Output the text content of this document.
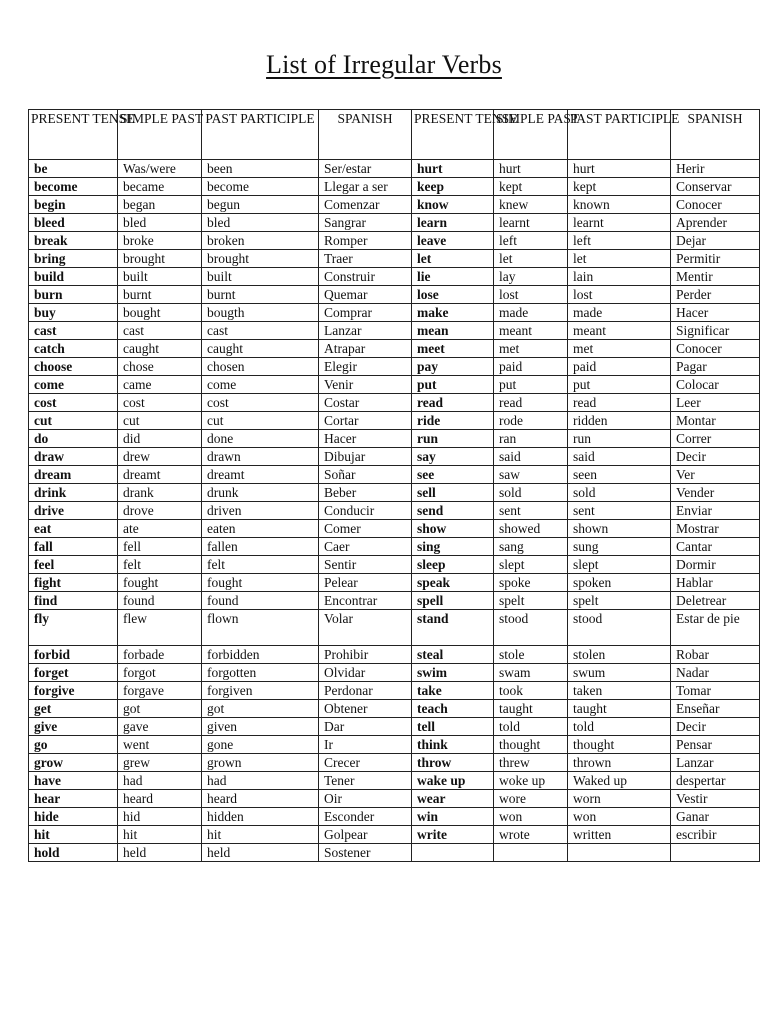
List of Irregular Verbs
PRESENT TENSE	SIMPLE PAST	PAST PARTICIPLE	SPANISH	PRESENT TENSE	SIMPLE PAST	PAST PARTICIPLE	SPANISH
be	Was/were	been	Ser/estar	hurt	hurt	hurt	Herir
become	became	become	Llegar a ser	keep	kept	kept	Conservar
begin	began	begun	Comenzar	know	knew	known	Conocer
bleed	bled	bled	Sangrar	learn	learnt	learnt	Aprender
break	broke	broken	Romper	leave	left	left	Dejar
bring	brought	brought	Traer	let	let	let	Permitir
build	built	built	Construir	lie	lay	lain	Mentir
burn	burnt	burnt	Quemar	lose	lost	lost	Perder
buy	bought	bougth	Comprar	make	made	made	Hacer
cast	cast	cast	Lanzar	mean	meant	meant	Significar
catch	caught	caught	Atrapar	meet	met	met	Conocer
choose	chose	chosen	Elegir	pay	paid	paid	Pagar
come	came	come	Venir	put	put	put	Colocar
cost	cost	cost	Costar	read	read	read	Leer
cut	cut	cut	Cortar	ride	rode	ridden	Montar
do	did	done	Hacer	run	ran	run	Correr
draw	drew	drawn	Dibujar	say	said	said	Decir
dream	dreamt	dreamt	Soñar	see	saw	seen	Ver
drink	drank	drunk	Beber	sell	sold	sold	Vender
drive	drove	driven	Conducir	send	sent	sent	Enviar
eat	ate	eaten	Comer	show	showed	shown	Mostrar
fall	fell	fallen	Caer	sing	sang	sung	Cantar
feel	felt	felt	Sentir	sleep	slept	slept	Dormir
fight	fought	fought	Pelear	speak	spoke	spoken	Hablar
find	found	found	Encontrar	spell	spelt	spelt	Deletrear
fly	flew	flown	Volar	stand	stood	stood	Estar de pie
forbid	forbade	forbidden	Prohibir	steal	stole	stolen	Robar
forget	forgot	forgotten	Olvidar	swim	swam	swum	Nadar
forgive	forgave	forgiven	Perdonar	take	took	taken	Tomar
get	got	got	Obtener	teach	taught	taught	Enseñar
give	gave	given	Dar	tell	told	told	Decir
go	went	gone	Ir	think	thought	thought	Pensar
grow	grew	grown	Crecer	throw	threw	thrown	Lanzar
have	had	had	Tener	wake up	woke up	Waked up	despertar
hear	heard	heard	Oir	wear	wore	worn	Vestir
hide	hid	hidden	Esconder	win	won	won	Ganar
hit	hit	hit	Golpear	write	wrote	written	escribir
hold	held	held	Sostener				
